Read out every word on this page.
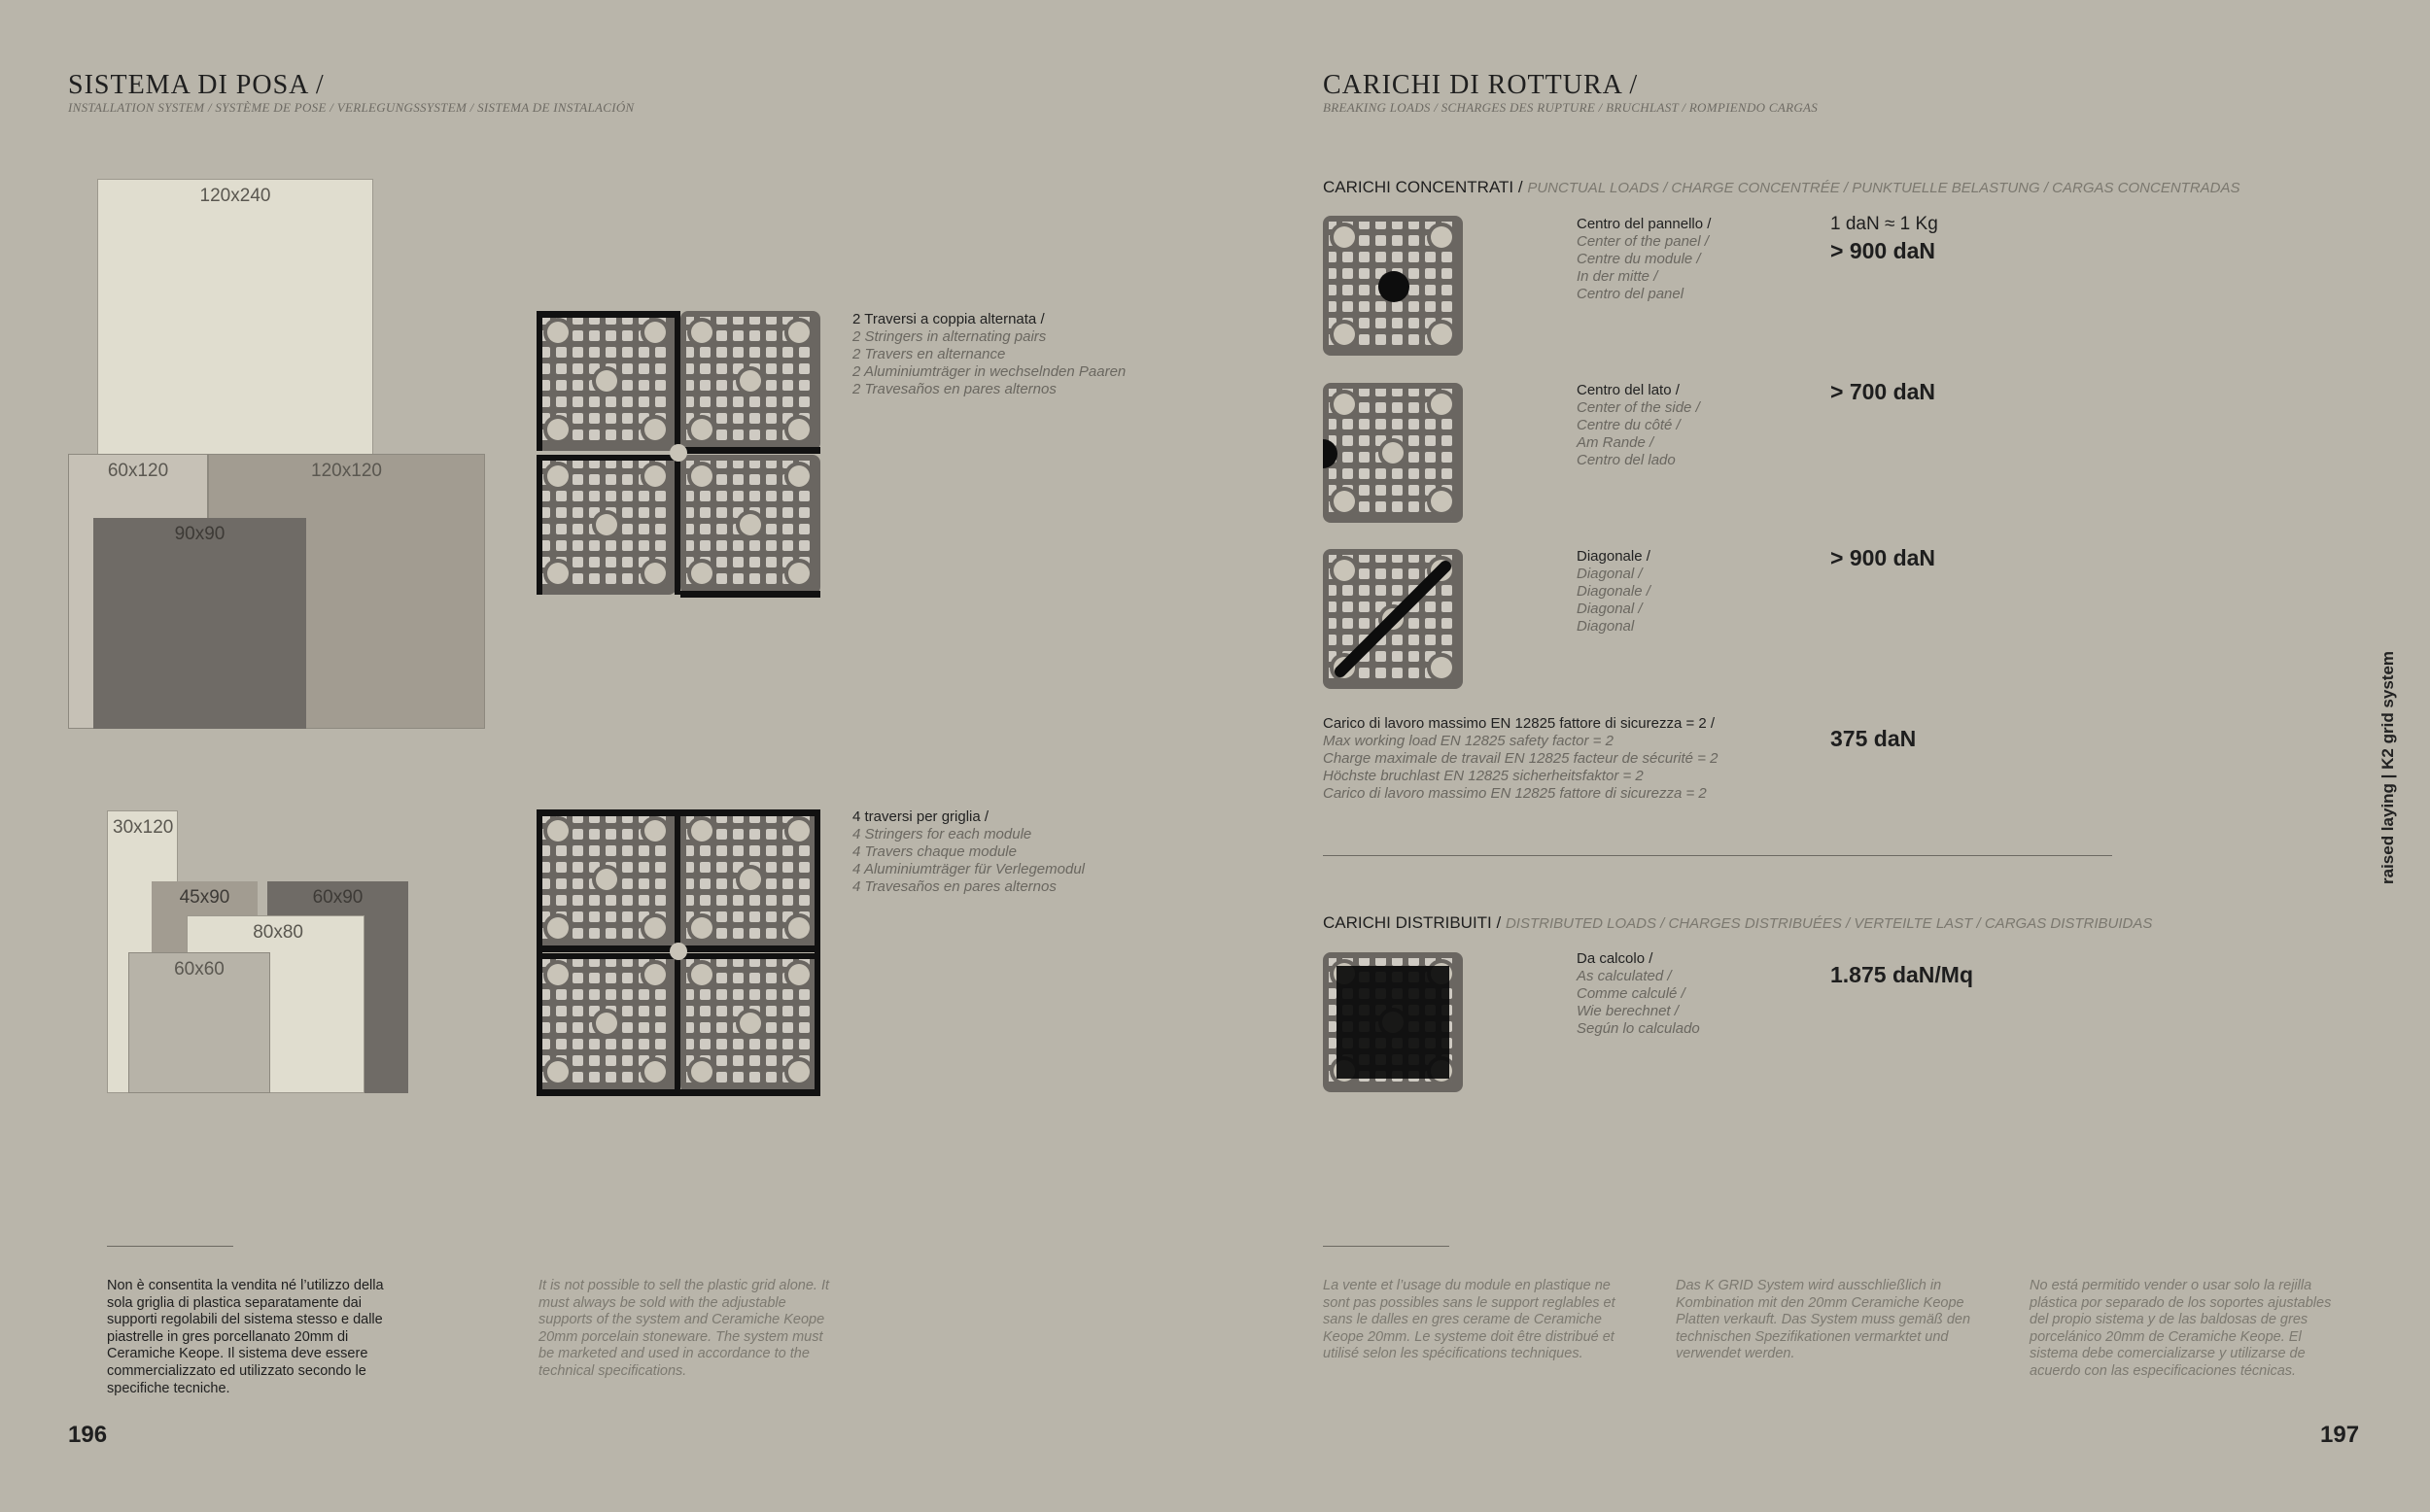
SISTEMA DI POSA /
INSTALLATION SYSTEM / SYSTÈME DE POSE / VERLEGUNGSSYSTEM / SISTEMA DE INSTALACIÓN
120x240
60x120	120x120
90x90
30x120
45x90	60x90
80x80
60x60
2 Traversi a coppia alternata /
2 Stringers in alternating pairs
2 Travers en alternance
2 Aluminiumträger in wechselnden Paaren
2 Travesaños en pares alternos
4 traversi per griglia /
4 Stringers for each module
4 Travers chaque module
4 Aluminiumträger für Verlegemodul
4 Travesaños en pares alternos
Non è consentita la vendita né l’utilizzo della sola griglia di plastica separatamente dai supporti regolabili del sistema stesso e dalle piastrelle in gres porcellanato 20mm di Ceramiche Keope. Il sistema deve essere commercializzato ed utilizzato secondo le specifiche tecniche.
It is not possible to sell the plastic grid alone. It must always be sold with the adjustable supports of the system and Ceramiche Keope 20mm porcelain stoneware. The system must be marketed and used in accordance to the technical specifications.
196
CARICHI DI ROTTURA /
BREAKING LOADS / SCHARGES DES RUPTURE / BRUCHLAST / ROMPIENDO CARGAS
CARICHI CONCENTRATI / PUNCTUAL LOADS / CHARGE CONCENTRÉE / PUNKTUELLE BELASTUNG / CARGAS CONCENTRADAS
Centro del pannello /
Center of the panel /
Centre du module /
In der mitte /
Centro del panel
1 daN ≈ 1 Kg
> 900 daN
Centro del lato /
Center of the side /
Centre du côté /
Am Rande /
Centro del lado
> 700 daN
Diagonale /
Diagonal /
Diagonale /
Diagonal /
Diagonal
> 900 daN
Carico di lavoro massimo EN 12825 fattore di sicurezza = 2 /
Max working load EN 12825 safety factor = 2
Charge maximale de travail EN 12825 facteur de sécurité = 2
Höchste bruchlast EN 12825 sicherheitsfaktor = 2
Carico di lavoro massimo EN 12825 fattore di sicurezza = 2
375 daN
CARICHI DISTRIBUITI / DISTRIBUTED LOADS / CHARGES DISTRIBUÉES / VERTEILTE LAST / CARGAS DISTRIBUIDAS
Da calcolo /
As calculated /
Comme calculé /
Wie berechnet /
Según lo calculado
1.875 daN/Mq
raised laying | K2 grid system
La vente et l’usage du module en plastique ne sont pas possibles sans le support reglables et sans le dalles en gres cerame de Ceramiche Keope 20mm. Le systeme doit être distribué et utilisé selon les spécifications techniques.
Das K GRID System wird ausschließlich in Kombination mit den 20mm Ceramiche Keope Platten verkauft. Das System muss gemäß den technischen Spezifikationen vermarktet und verwendet werden.
No está permitido vender o usar solo la rejilla plástica por separado de los soportes ajustables del propio sistema y de las baldosas de gres porcelánico 20mm de Ceramiche Keope. El sistema debe comercializarse y utilizarse de acuerdo con las especificaciones técnicas.
197
